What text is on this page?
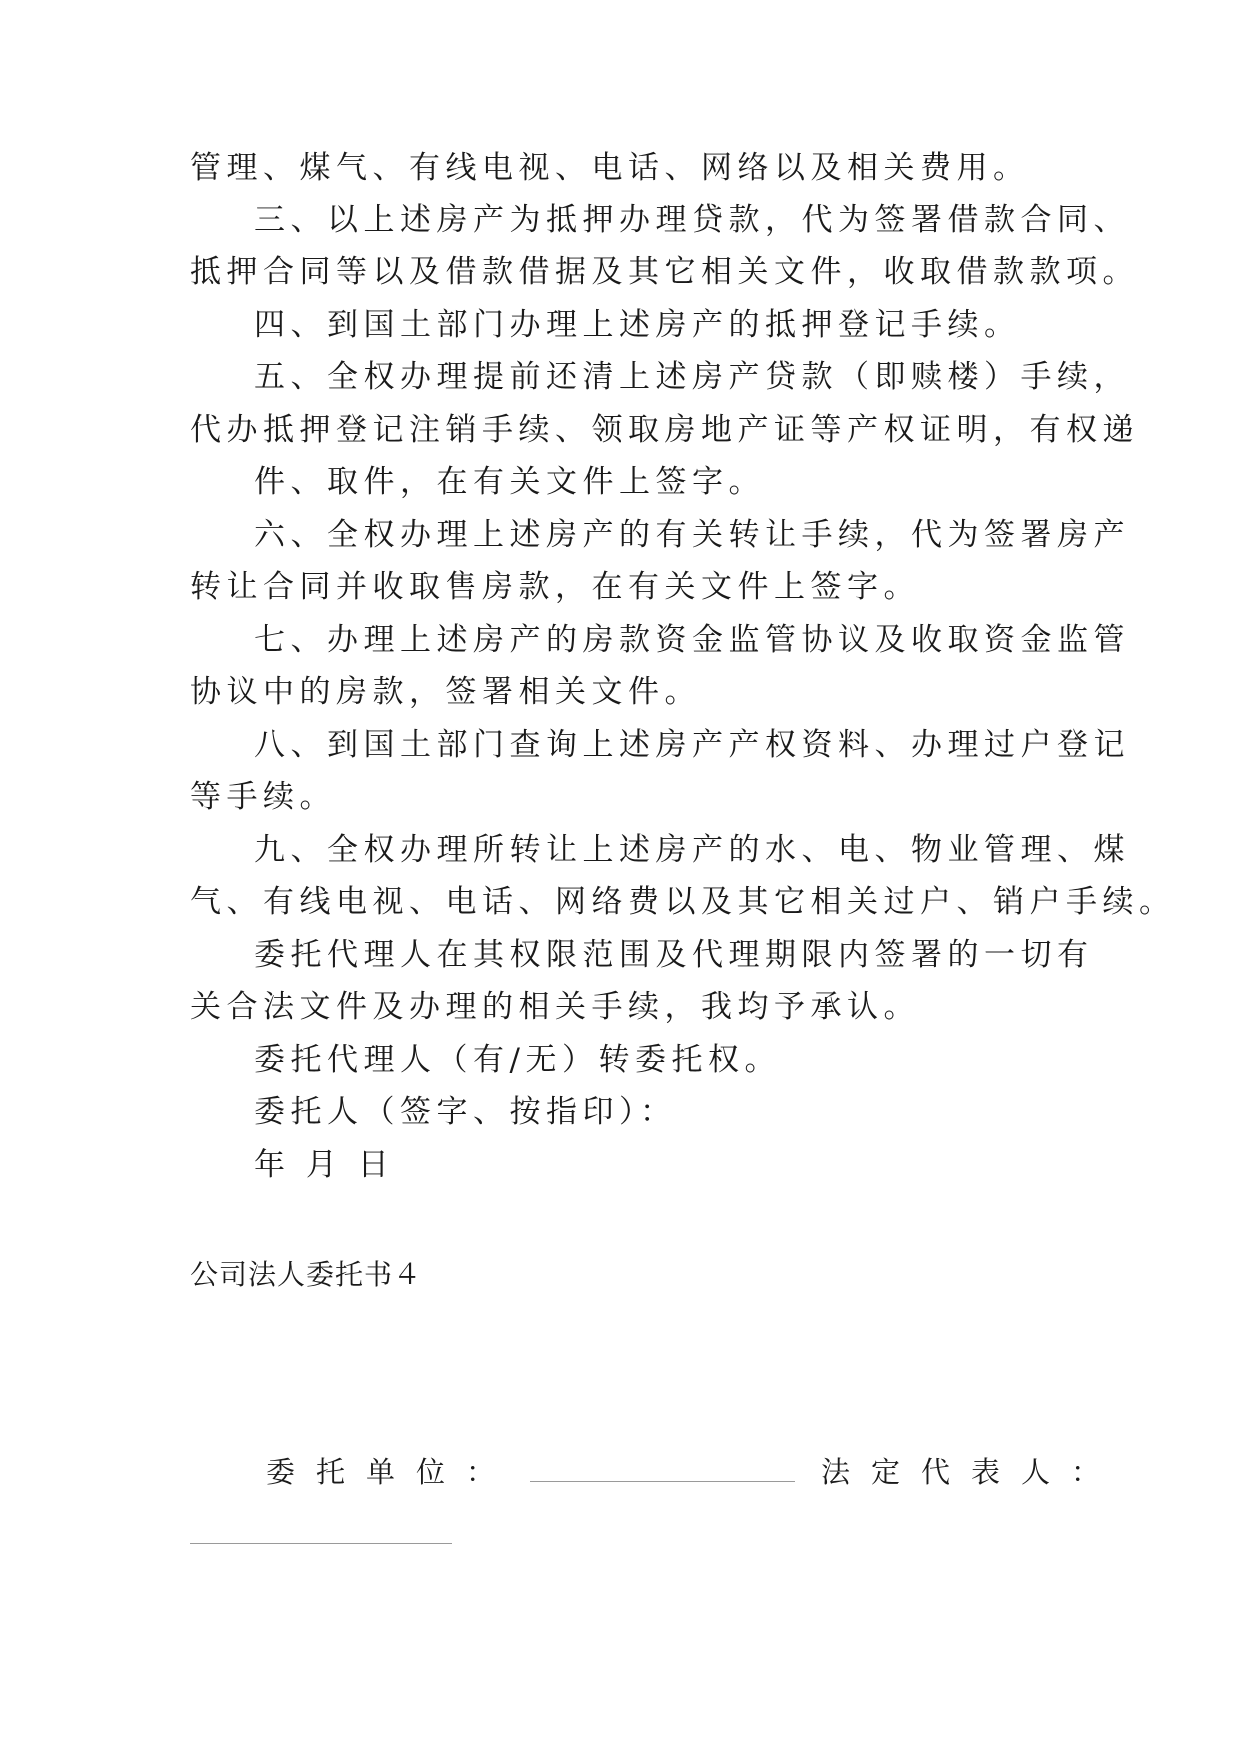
管理、煤气、有线电视、电话、网络以及相关费用。
三、以上述房产为抵押办理贷款，代为签署借款合同、
抵押合同等以及借款借据及其它相关文件，收取借款款项。
四、到国土部门办理上述房产的抵押登记手续。
五、全权办理提前还清上述房产贷款（即赎楼）手续，
代办抵押登记注销手续、领取房地产证等产权证明，有权递
件、取件，在有关文件上签字。
六、全权办理上述房产的有关转让手续，代为签署房产
转让合同并收取售房款，在有关文件上签字。
七、办理上述房产的房款资金监管协议及收取资金监管
协议中的房款，签署相关文件。
八、到国土部门查询上述房产产权资料、办理过户登记
等手续。
九、全权办理所转让上述房产的水、电、物业管理、煤
气、有线电视、电话、网络费以及其它相关过户、销户手续。
委托代理人在其权限范围及代理期限内签署的一切有
关合法文件及办理的相关手续，我均予承认。
委托代理人（有/无）转委托权。
委托人（签字、按指印）：
年 月 日
公司法人委托书４
委托单位：	法定代表人：
